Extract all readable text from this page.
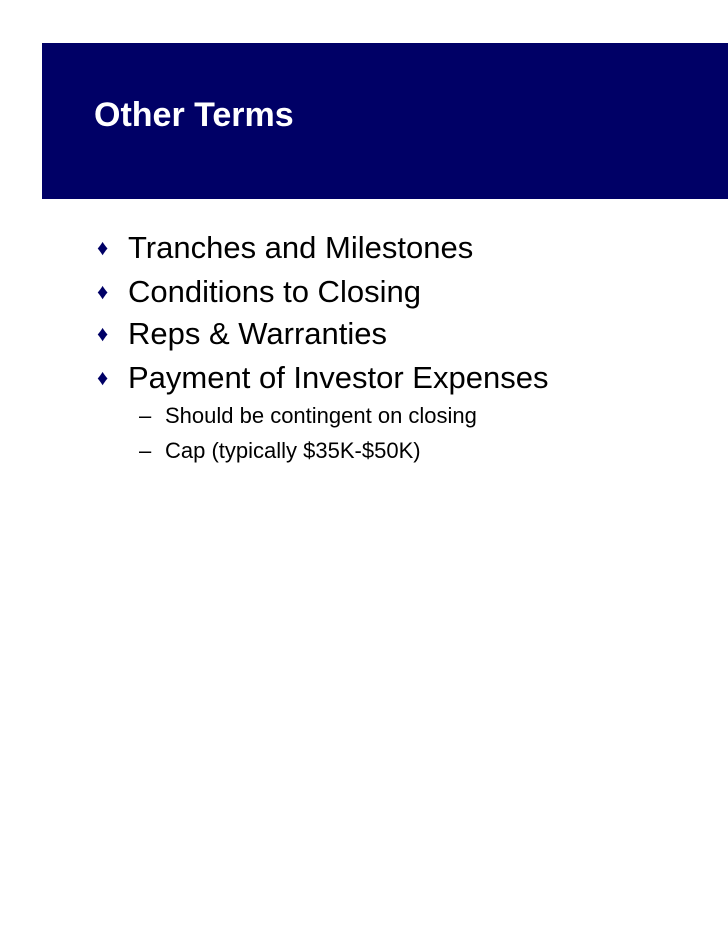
Other Terms
♦ Tranches and Milestones
♦ Conditions to Closing
♦ Reps & Warranties
♦ Payment of Investor Expenses
– Should be contingent on closing
– Cap (typically $35K-$50K)
